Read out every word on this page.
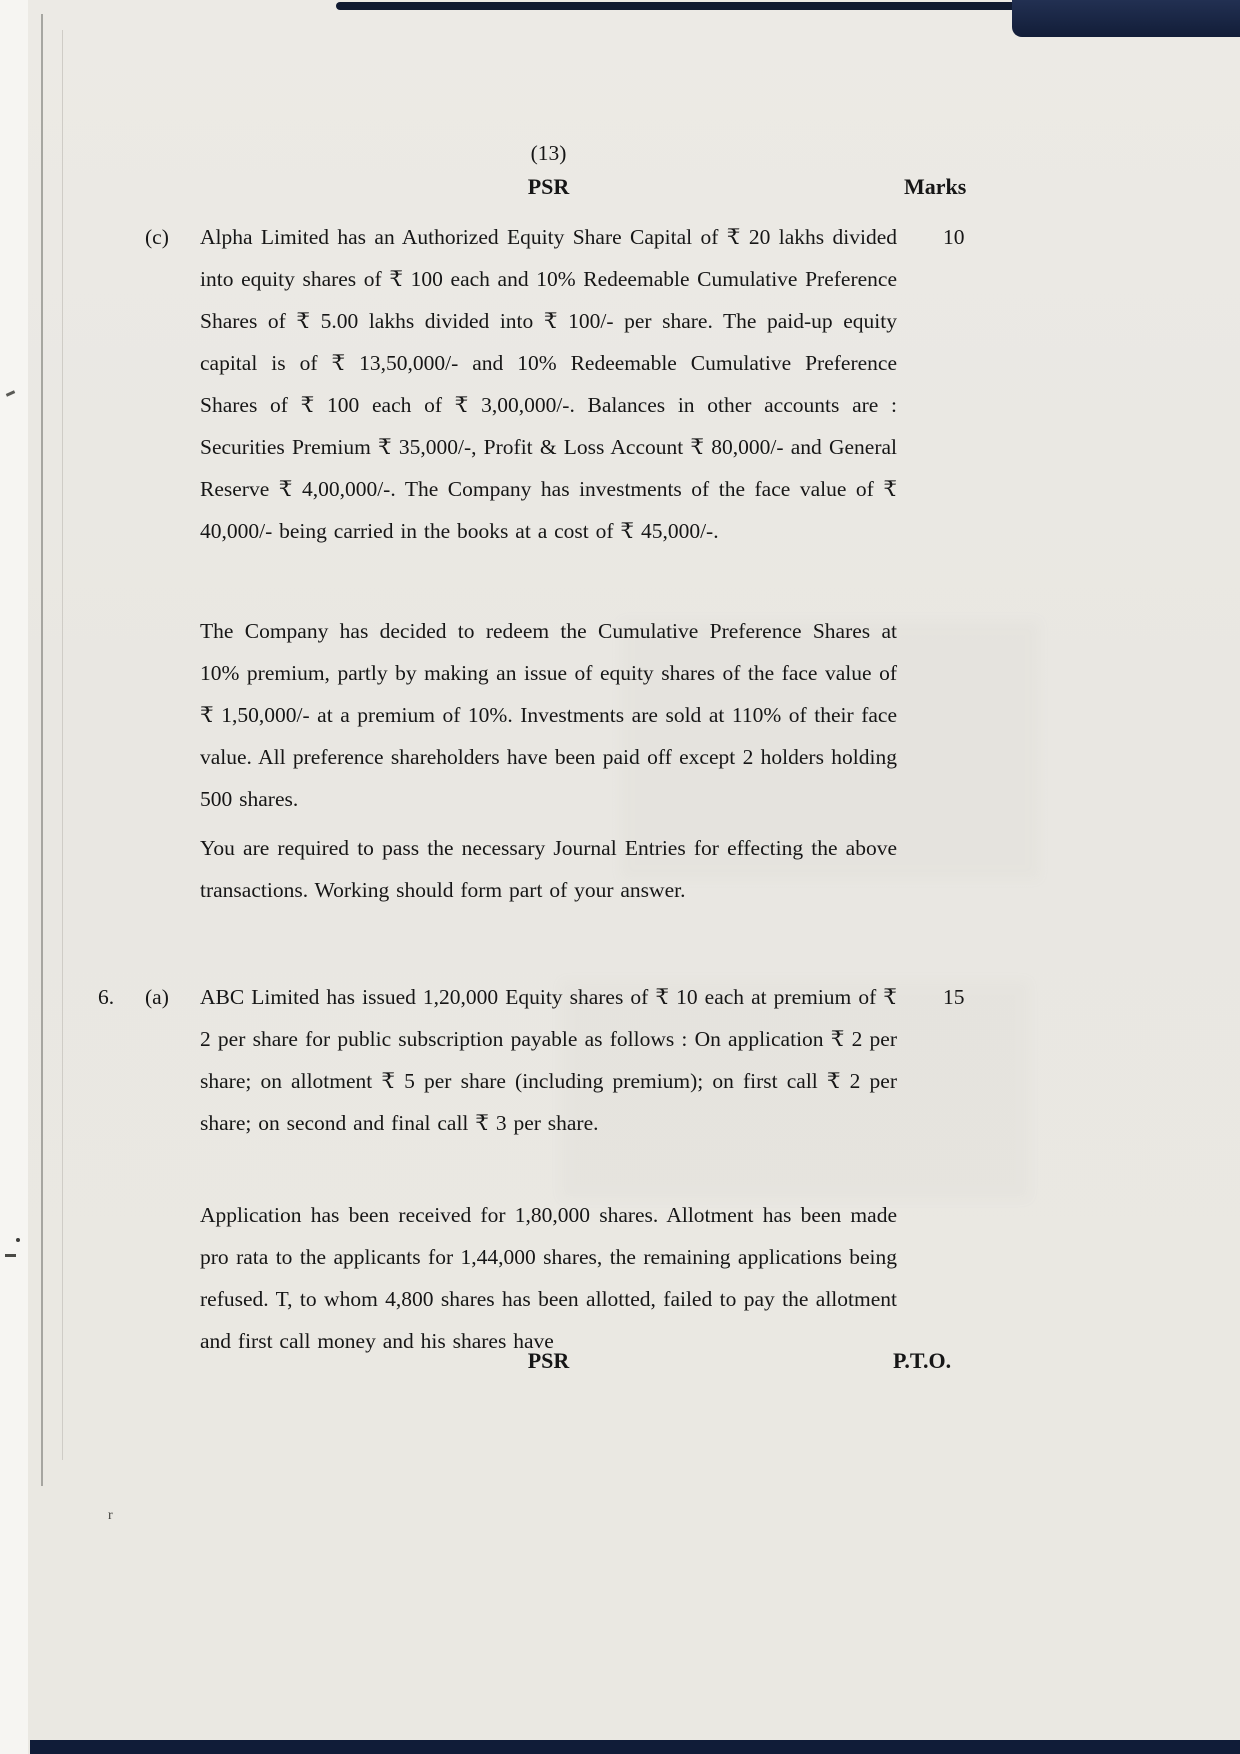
r
(13)
PSR	Marks
(c)	10
Alpha Limited has an Authorized Equity Share Capital of ₹ 20 lakhs divided into equity shares of ₹ 100 each and 10% Redeemable Cumulative Preference Shares of ₹ 5.00 lakhs divided into ₹ 100/- per share. The paid-up equity capital is of ₹ 13,50,000/- and 10% Redeemable Cumulative Preference Shares of ₹ 100 each of ₹ 3,00,000/-. Balances in other accounts are : Securities Premium ₹ 35,000/-, Profit & Loss Account ₹ 80,000/- and General Reserve ₹ 4,00,000/-. The Company has investments of the face value of ₹ 40,000/- being carried in the books at a cost of ₹ 45,000/-.
The Company has decided to redeem the Cumulative Preference Shares at 10% premium, partly by making an issue of equity shares of the face value of ₹ 1,50,000/- at a premium of 10%. Investments are sold at 110% of their face value. All preference shareholders have been paid off except 2 holders holding 500 shares.
You are required to pass the necessary Journal Entries for effecting the above transactions. Working should form part of your answer.
6. (a)	15
ABC Limited has issued 1,20,000 Equity shares of ₹ 10 each at premium of ₹ 2 per share for public subscription payable as follows : On application ₹ 2 per share; on allotment ₹ 5 per share (including premium); on first call ₹ 2 per share; on second and final call ₹ 3 per share.
Application has been received for 1,80,000 shares. Allotment has been made pro rata to the applicants for 1,44,000 shares, the remaining applications being refused. T, to whom 4,800 shares has been allotted, failed to pay the allotment and first call money and his shares have
PSR	P.T.O.
